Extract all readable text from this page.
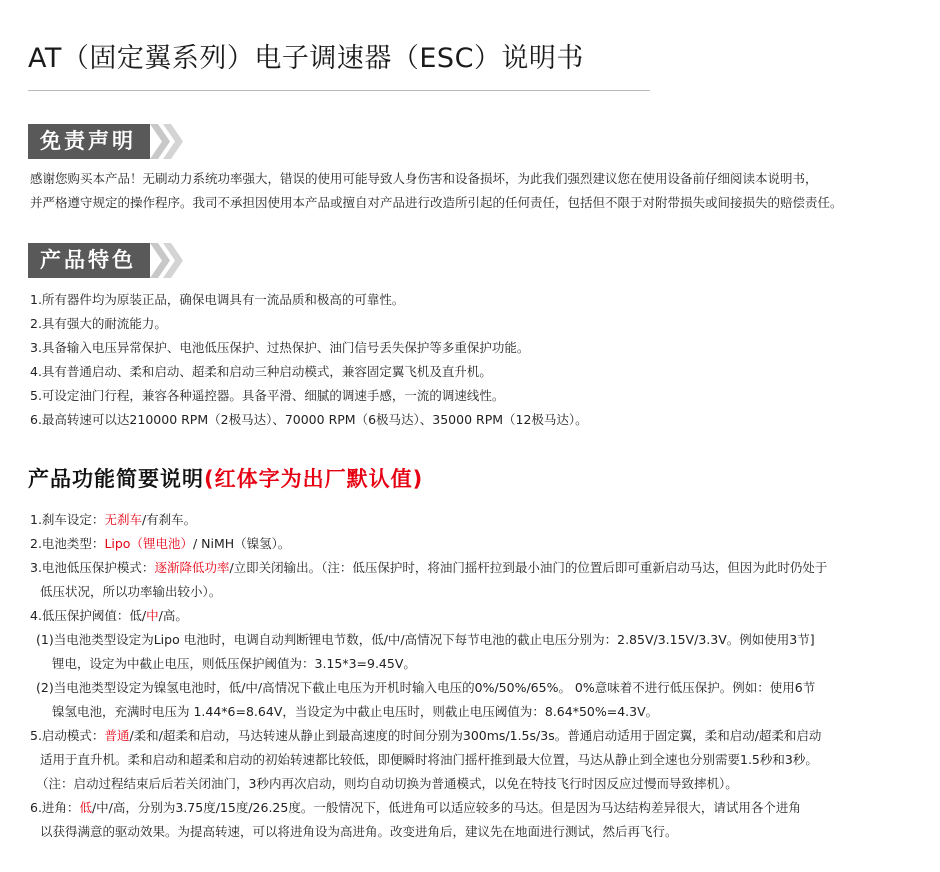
AT（固定翼系列）电子调速器（ESC）说明书
免责声明
感谢您购买本产品！无刷动力系统功率强大，错误的使用可能导致人身伤害和设备损坏，为此我们强烈建议您在使用设备前仔细阅读本说明书，
并严格遵守规定的操作程序。我司不承担因使用本产品或擅自对产品进行改造所引起的任何责任，包括但不限于对附带损失或间接损失的赔偿责任。
产品特色
1.所有器件均为原装正品，确保电调具有一流品质和极高的可靠性。
2.具有强大的耐流能力。
3.具备输入电压异常保护、电池低压保护、过热保护、油门信号丢失保护等多重保护功能。
4.具有普通启动、柔和启动、超柔和启动三种启动模式，兼容固定翼飞机及直升机。
5.可设定油门行程，兼容各种遥控器。具备平滑、细腻的调速手感，一流的调速线性。
6.最高转速可以达210000 RPM（2极马达）、70000 RPM（6极马达）、35000 RPM（12极马达）。
产品功能简要说明(红体字为出厂默认值)
1.刹车设定：无刹车/有刹车。
2.电池类型：Lipo（锂电池）/ NiMH（镍氢）。
3.电池低压保护模式：逐渐降低功率/立即关闭输出。（注：低压保护时，将油门摇杆拉到最小油门的位置后即可重新启动马达，但因为此时仍处于
低压状况，所以功率输出较小）。
4.低压保护阈值：低/中/高。
(1)当电池类型设定为Lipo 电池时，电调自动判断锂电节数，低/中/高情况下每节电池的截止电压分别为：2.85V/3.15V/3.3V。例如使用3节]
锂电，设定为中截止电压，则低压保护阈值为：3.15*3=9.45V。
(2)当电池类型设定为镍氢电池时，低/中/高情况下截止电压为开机时输入电压的0%/50%/65%。 0%意味着不进行低压保护。例如：使用6节
镍氢电池，充满时电压为 1.44*6=8.64V，当设定为中截止电压时，则截止电压阈值为：8.64*50%=4.3V。
5.启动模式：普通/柔和/超柔和启动，马达转速从静止到最高速度的时间分别为300ms/1.5s/3s。普通启动适用于固定翼，柔和启动/超柔和启动
适用于直升机。柔和启动和超柔和启动的初始转速都比较低，即便瞬时将油门摇杆推到最大位置，马达从静止到全速也分别需要1.5秒和3秒。
（注：启动过程结束后后若关闭油门，3秒内再次启动，则均自动切换为普通模式，以免在特技飞行时因反应过慢而导致摔机）。
6.进角：低/中/高，分别为3.75度/15度/26.25度。一般情况下，低进角可以适应较多的马达。但是因为马达结构差异很大，请试用各个进角
以获得满意的驱动效果。为提高转速，可以将进角设为高进角。改变进角后，建议先在地面进行测试，然后再飞行。
